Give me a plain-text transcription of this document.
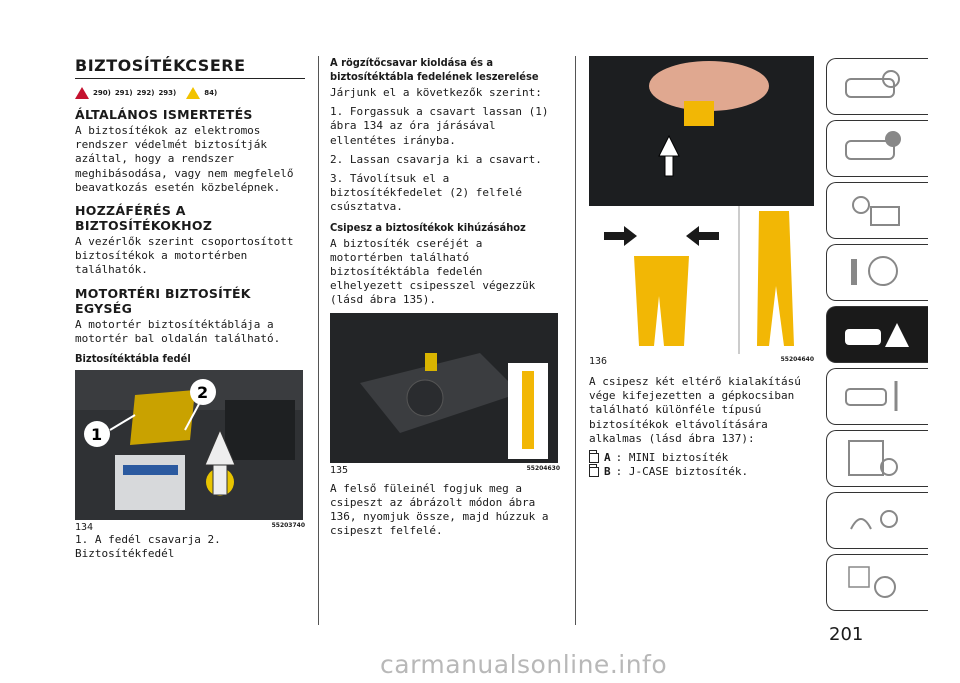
BIZTOSÍTÉKCSERE
290) 291) 292) 293)	84)
ÁLTALÁNOS ISMERTETÉS

A biztosítékok az elektromos rendszer védelmét biztosítják azáltal, hogy a rendszer meghibásodása, vagy nem megfelelő beavatkozás esetén közbelépnek.

HOZZÁFÉRÉS A BIZTOSÍTÉKOKHOZ

A vezérlők szerint csoportosított biztosítékok a motortérben találhatók.

MOTORTÉRI BIZTOSÍTÉK EGYSÉG

A motortér biztosítéktáblája a motortér bal oldalán található.

Biztosítéktábla fedél
2
1
134	55203740

1. A fedél csavarja 2. Biztosítékfedél

A rögzítőcsavar kioldása és a biztosítéktábla fedelének leszerelése

Járjunk el a következők szerint:

1. Forgassuk a csavart lassan (1) ábra 134 az óra járásával ellentétes irányba.

2. Lassan csavarja ki a csavart.

3. Távolítsuk el a biztosítékfedelet (2) felfelé csúsztatva.

Csipesz a biztosítékok kihúzásához

A biztosíték cseréjét a motortérben található biztosítéktábla fedelén elhelyezett csipesszel végezzük (lásd ábra 135).

135	55204630

A felső füleinél fogjuk meg a csipeszt az ábrázolt módon ábra 136, nyomjuk össze, majd húzzuk a csipeszt felfelé.

136	55204640

A csipesz két eltérő kialakítású vége kifejezetten a gépkocsiban található különféle típusú biztosítékok eltávolítására alkalmas (lásd ábra 137):

A : MINI biztosíték
B : J-CASE biztosíték.
201
carmanualsonline.info
